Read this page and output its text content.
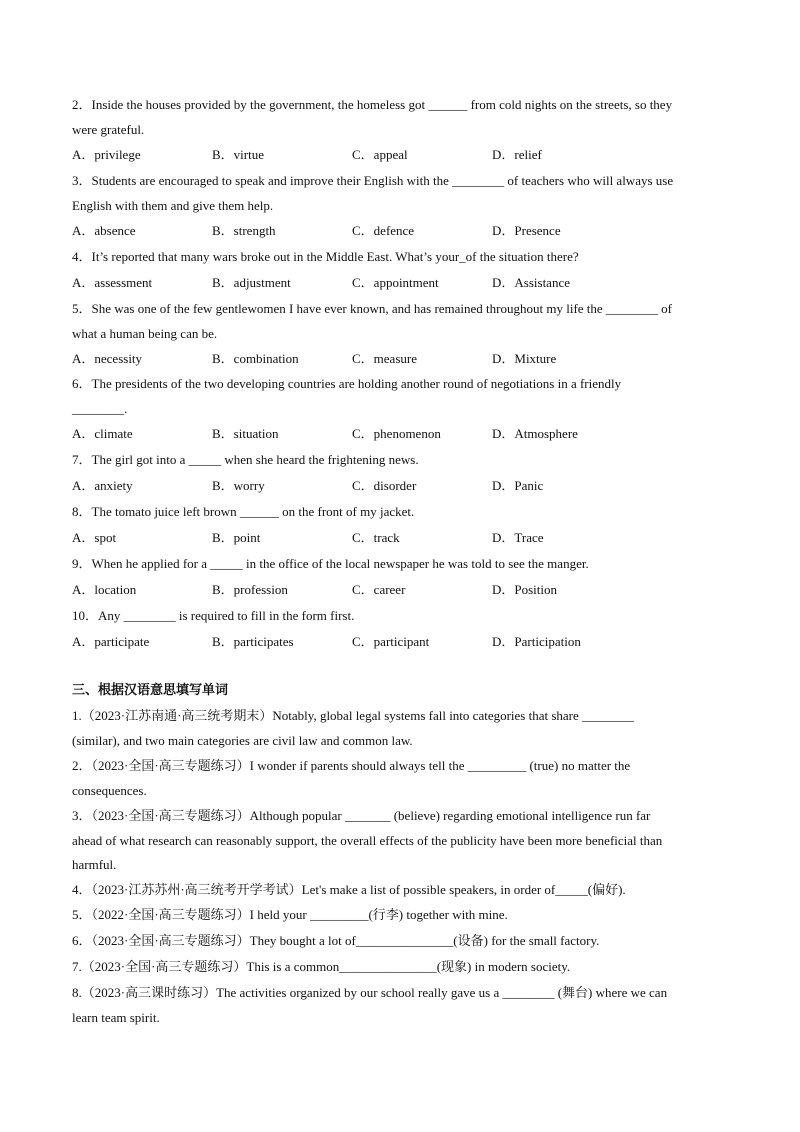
2．Inside the houses provided by the government, the homeless got ______ from cold nights on the streets, so they
were grateful.
A．privilege	B．virtue	C．appeal	D．relief
3．Students are encouraged to speak and improve their English with the ________ of teachers who will always use
English with them and give them help.
A．absence	B．strength	C．defence	D．Presence
4．It’s reported that many wars broke out in the Middle East. What’s your_of the situation there?
A．assessment	B．adjustment	C．appointment	D．Assistance
5．She was one of the few gentlewomen I have ever known, and has remained throughout my life the ________ of
what a human being can be.
A．necessity	B．combination	C．measure	D．Mixture
6．The presidents of the two developing countries are holding another round of negotiations in a friendly
________.
A．climate	B．situation	C．phenomenon	D．Atmosphere
7．The girl got into a _____ when she heard the frightening news.
A．anxiety	B．worry	C．disorder	D．Panic
8．The tomato juice left brown ______ on the front of my jacket.
A．spot	B．point	C．track	D．Trace
9．When he applied for a _____ in the office of the local newspaper he was told to see the manger.
A．location	B．profession	C．career	D．Position
10．Any ________ is required to fill in the form first.
A．participate	B．participates	C．participant	D．Participation
三、根据汉语意思填写单词
1.（2023·江苏南通·高三统考期末）Notably, global legal systems fall into categories that share ________
(similar), and two main categories are civil law and common law.
2．（2023·全国·高三专题练习）I wonder if parents should always tell the _________ (true) no matter the
consequences.
3．（2023·全国·高三专题练习）Although popular _______ (believe) regarding emotional intelligence run far
ahead of what research can reasonably support, the overall effects of the publicity have been more beneficial than
harmful.
4．（2023·江苏苏州·高三统考开学考试）Let's make a list of possible speakers, in order of_____(偏好).
5．（2022·全国·高三专题练习）I held your _________(行李) together with mine.
6．（2023·全国·高三专题练习）They bought a lot of_______________(设备) for the small factory.
7.（2023·全国·高三专题练习）This is a common_______________(现象) in modern society.
8.（2023·高三课时练习）The activities organized by our school really gave us a ________ (舞台) where we can
learn team spirit.
